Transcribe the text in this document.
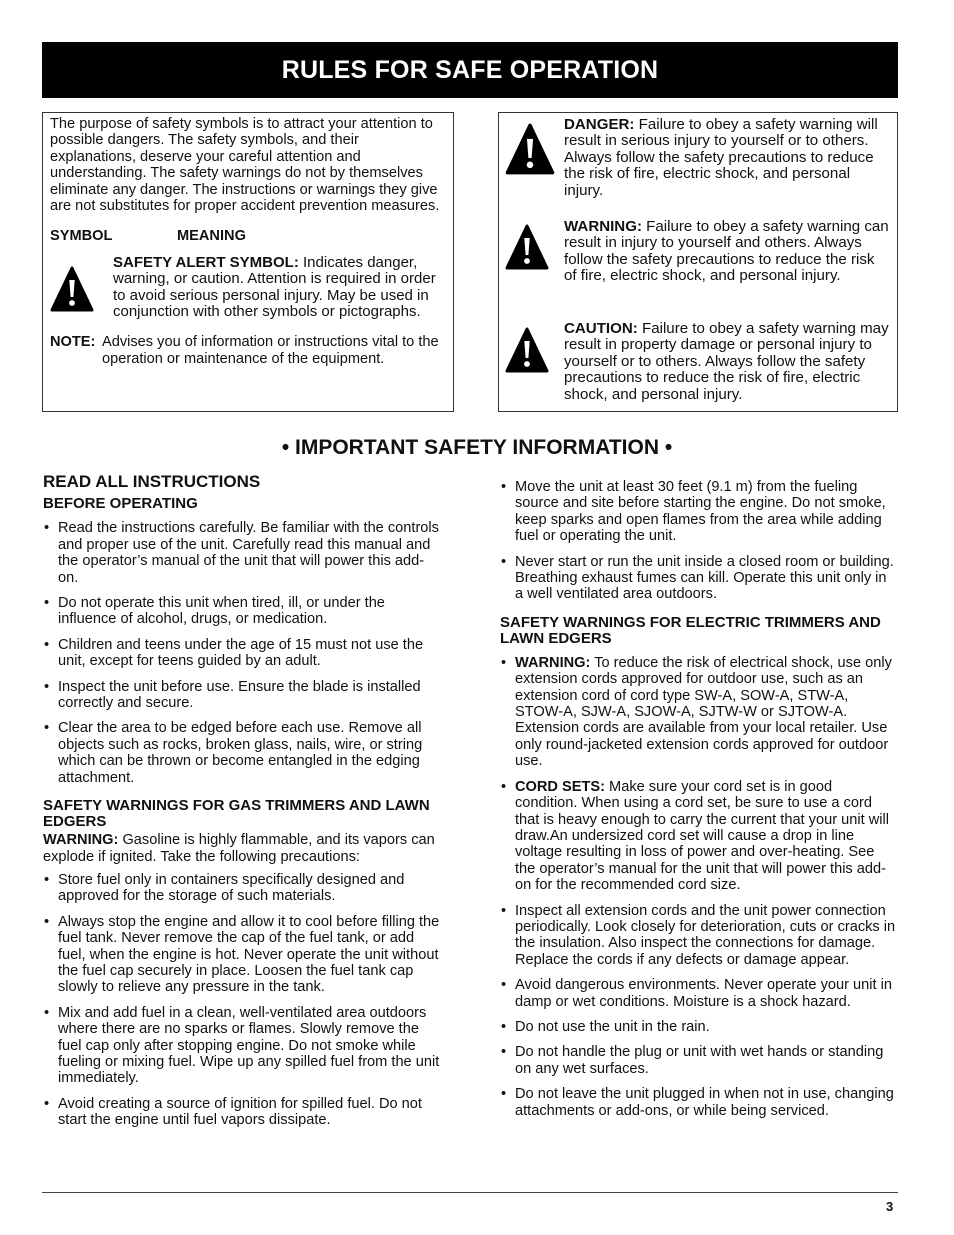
RULES FOR SAFE OPERATION
The purpose of safety symbols is to attract your attention to possible dangers. The safety symbols, and their explanations, deserve your careful attention and understanding. The safety warnings do not by themselves eliminate any danger. The instructions or warnings they give are not substitutes for proper accident prevention measures.
SYMBOL	MEANING
SAFETY ALERT SYMBOL: Indicates danger, warning, or caution. Attention is required in order to avoid serious personal injury. May be used in conjunction with other symbols or pictographs.
NOTE: Advises you of information or instructions vital to the operation or maintenance of the equipment.
DANGER: Failure to obey a safety warning will result in serious injury to yourself or to others. Always follow the safety precautions to reduce the risk of fire, electric shock, and personal injury.
WARNING: Failure to obey a safety warning can result in injury to yourself and others. Always follow the safety precautions to reduce the risk of fire, electric shock, and personal injury.
CAUTION: Failure to obey a safety warning may result in property damage or personal injury to yourself or to others. Always follow the safety precautions to reduce the risk of fire, electric shock, and personal injury.
• IMPORTANT SAFETY INFORMATION •
READ ALL INSTRUCTIONS
BEFORE OPERATING
• Read the instructions carefully. Be familiar with the controls and proper use of the unit. Carefully read this manual and the operator’s manual of the unit that will power this add-on.
• Do not operate this unit when tired, ill, or under the influence of alcohol, drugs, or medication.
• Children and teens under the age of 15 must not use the unit, except for teens guided by an adult.
• Inspect the unit before use. Ensure the blade is installed correctly and secure.
• Clear the area to be edged before each use. Remove all objects such as rocks, broken glass, nails, wire, or string which can be thrown or become entangled in the edging attachment.
SAFETY WARNINGS FOR GAS TRIMMERS AND LAWN EDGERS
WARNING: Gasoline is highly flammable, and its vapors can explode if ignited. Take the following precautions:
• Store fuel only in containers specifically designed and approved for the storage of such materials.
• Always stop the engine and allow it to cool before filling the fuel tank. Never remove the cap of the fuel tank, or add fuel, when the engine is hot. Never operate the unit without the fuel cap securely in place. Loosen the fuel tank cap slowly to relieve any pressure in the tank.
• Mix and add fuel in a clean, well-ventilated area outdoors where there are no sparks or flames. Slowly remove the fuel cap only after stopping engine. Do not smoke while fueling or mixing fuel. Wipe up any spilled fuel from the unit immediately.
• Avoid creating a source of ignition for spilled fuel. Do not start the engine until fuel vapors dissipate.
• Move the unit at least 30 feet (9.1 m) from the fueling source and site before starting the engine. Do not smoke, keep sparks and open flames from the area while adding fuel or operating the unit.
• Never start or run the unit inside a closed room or building. Breathing exhaust fumes can kill. Operate this unit only in a well ventilated area outdoors.
SAFETY WARNINGS FOR ELECTRIC TRIMMERS AND LAWN EDGERS
• WARNING: To reduce the risk of electrical shock, use only extension cords approved for outdoor use, such as an extension cord of cord type SW-A, SOW-A, STW-A, STOW-A, SJW-A, SJOW-A, SJTW-W or SJTOW-A. Extension cords are available from your local retailer. Use only round-jacketed extension cords approved for outdoor use.
• CORD SETS: Make sure your cord set is in good condition. When using a cord set, be sure to use a cord that is heavy enough to carry the current that your unit will draw.An undersized cord set will cause a drop in line voltage resulting in loss of power and over-heating. See the operator’s manual for the unit that will power this add-on for the recommended cord size.
• Inspect all extension cords and the unit power connection periodically. Look closely for deterioration, cuts or cracks in the insulation. Also inspect the connections for damage. Replace the cords if any defects or damage appear.
• Avoid dangerous environments. Never operate your unit in damp or wet conditions. Moisture is a shock hazard.
• Do not use the unit in the rain.
• Do not handle the plug or unit with wet hands or standing on any wet surfaces.
• Do not leave the unit plugged in when not in use, changing attachments or add-ons, or while being serviced.
3
